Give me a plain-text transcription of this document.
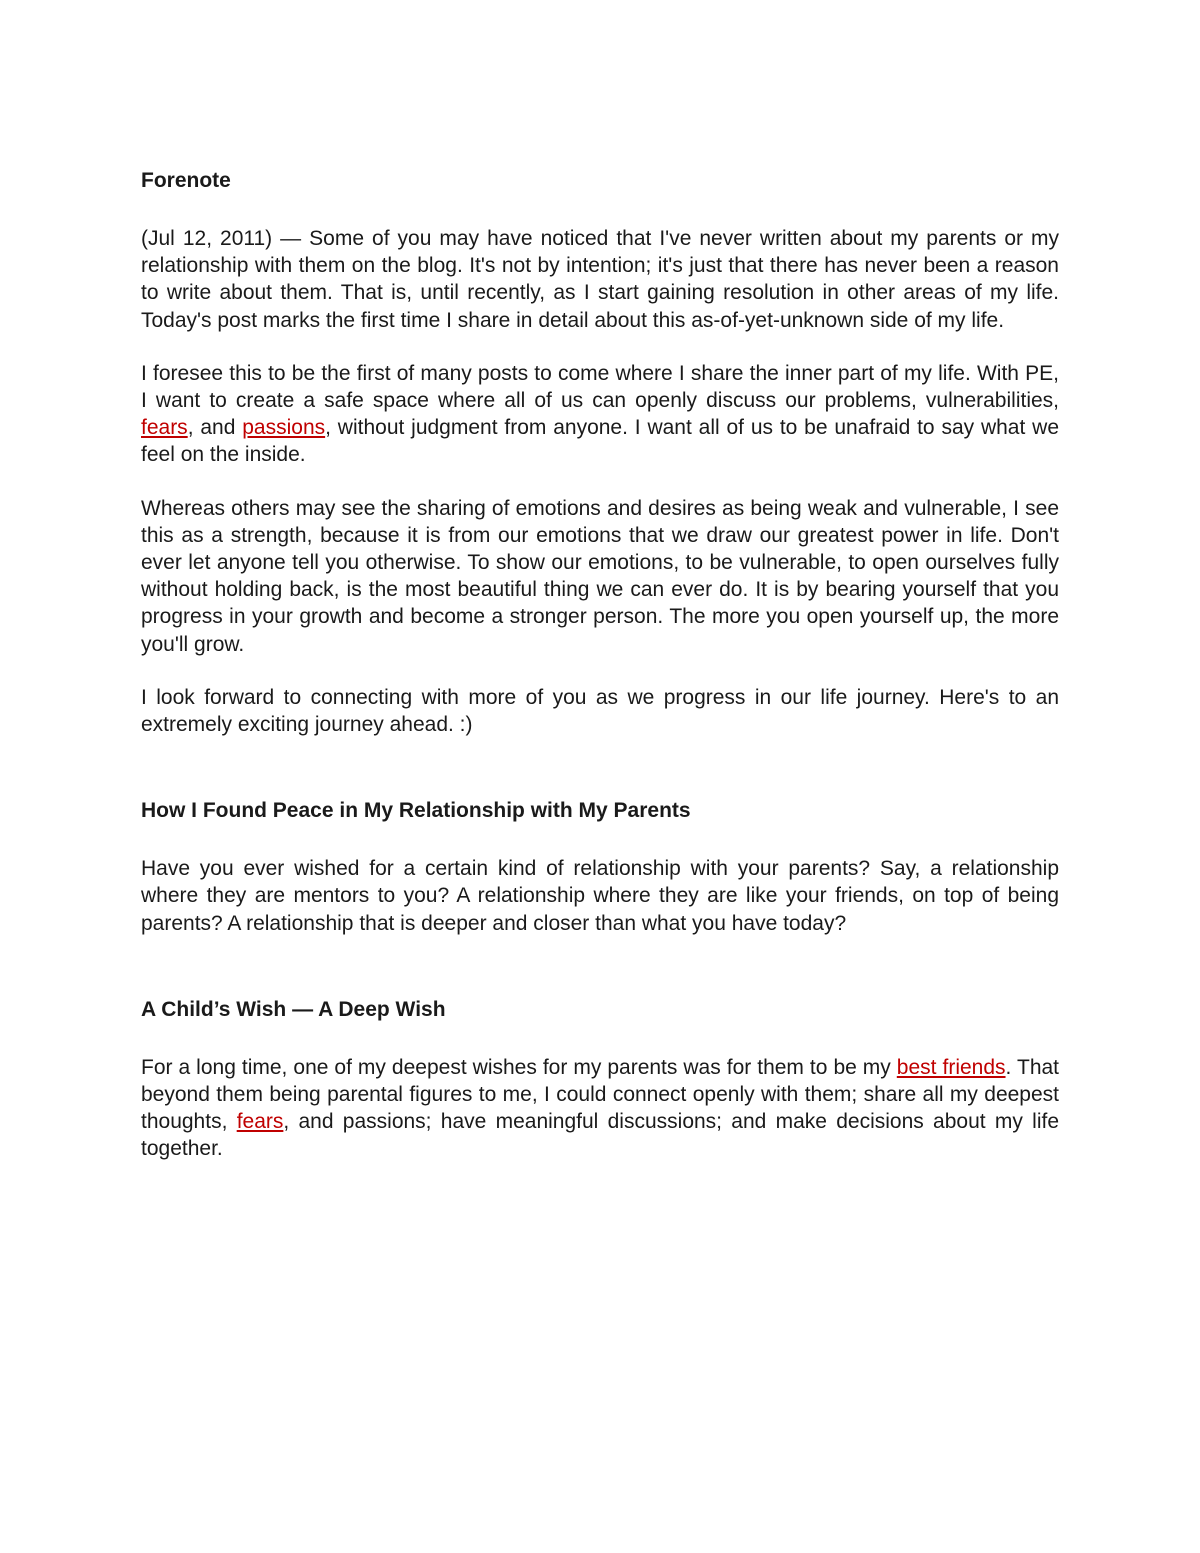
Forenote

(Jul 12, 2011) — Some of you may have noticed that I've never written about my parents or my relationship with them on the blog. It's not by intention; it's just that there has never been a reason to write about them. That is, until recently, as I start gaining resolution in other areas of my life. Today's post marks the first time I share in detail about this as-of-yet-unknown side of my life.

I foresee this to be the first of many posts to come where I share the inner part of my life. With PE, I want to create a safe space where all of us can openly discuss our problems, vulnerabilities, fears, and passions, without judgment from anyone. I want all of us to be unafraid to say what we feel on the inside.

Whereas others may see the sharing of emotions and desires as being weak and vulnerable, I see this as a strength, because it is from our emotions that we draw our greatest power in life. Don't ever let anyone tell you otherwise. To show our emotions, to be vulnerable, to open ourselves fully without holding back, is the most beautiful thing we can ever do. It is by bearing yourself that you progress in your growth and become a stronger person. The more you open yourself up, the more you'll grow.

I look forward to connecting with more of you as we progress in our life journey. Here's to an extremely exciting journey ahead. :)

How I Found Peace in My Relationship with My Parents

Have you ever wished for a certain kind of relationship with your parents? Say, a relationship where they are mentors to you? A relationship where they are like your friends, on top of being parents? A relationship that is deeper and closer than what you have today?

A Child’s Wish — A Deep Wish

For a long time, one of my deepest wishes for my parents was for them to be my best friends. That beyond them being parental figures to me, I could connect openly with them; share all my deepest thoughts, fears, and passions; have meaningful discussions; and make decisions about my life together.
